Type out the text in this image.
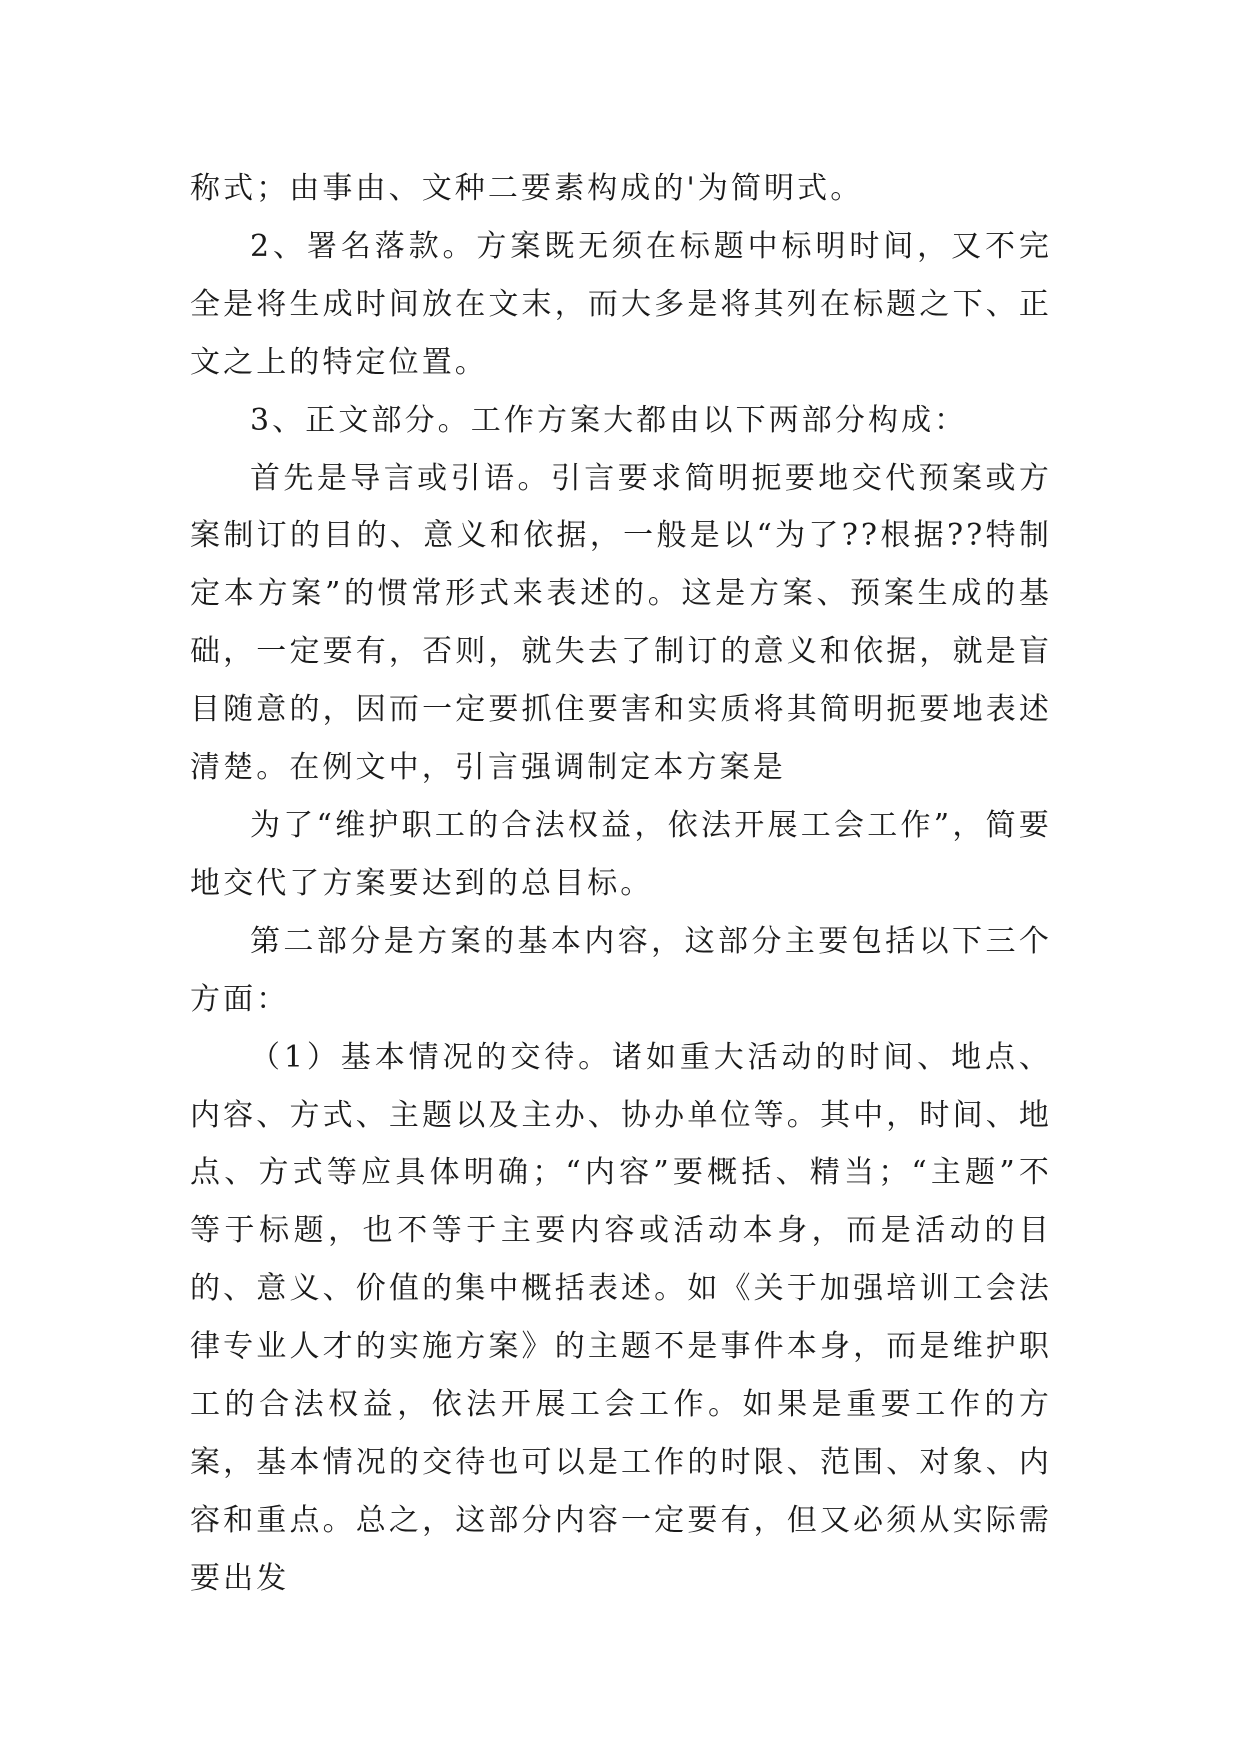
称式；由事由、文种二要素构成的'为简明式。

2、署名落款。方案既无须在标题中标明时间，又不完全是将生成时间放在文末，而大多是将其列在标题之下、正文之上的特定位置。

3、正文部分。工作方案大都由以下两部分构成：

首先是导言或引语。引言要求简明扼要地交代预案或方案制订的目的、意义和依据，一般是以“为了??根据??特制定本方案”的惯常形式来表述的。这是方案、预案生成的基础，一定要有，否则，就失去了制订的意义和依据，就是盲目随意的，因而一定要抓住要害和实质将其简明扼要地表述清楚。在例文中，引言强调制定本方案是

为了“维护职工的合法权益，依法开展工会工作”，简要地交代了方案要达到的总目标。

第二部分是方案的基本内容，这部分主要包括以下三个方面：

（1）基本情况的交待。诸如重大活动的时间、地点、内容、方式、主题以及主办、协办单位等。其中，时间、地点、方式等应具体明确；“内容”要概括、精当；“主题”不等于标题，也不等于主要内容或活动本身，而是活动的目的、意义、价值的集中概括表述。如《关于加强培训工会法律专业人才的实施方案》的主题不是事件本身，而是维护职工的合法权益，依法开展工会工作。如果是重要工作的方案，基本情况的交待也可以是工作的时限、范围、对象、内容和重点。总之，这部分内容一定要有，但又必须从实际需要出发
